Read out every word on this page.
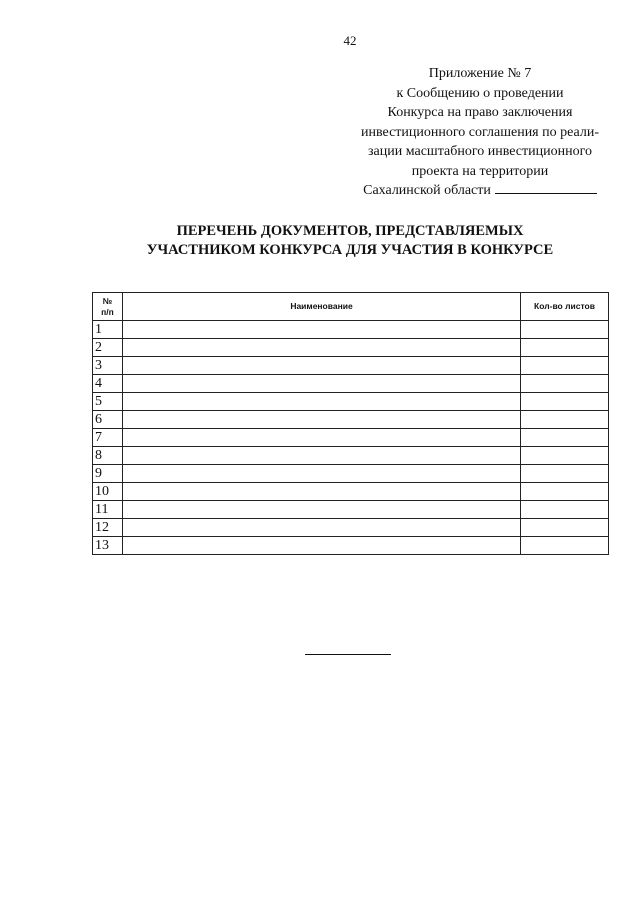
42
Приложение № 7
к Сообщению о проведении
Конкурса на право заключения
инвестиционного соглашения по реали-
зации масштабного инвестиционного
проекта на территории
Сахалинской области
ПЕРЕЧЕНЬ ДОКУМЕНТОВ, ПРЕДСТАВЛЯЕМЫХ
УЧАСТНИКОМ КОНКУРСА ДЛЯ УЧАСТИЯ В КОНКУРСЕ
№
п/п	Наименование	Кол-во листов
1		
2		
3		
4		
5		
6		
7		
8		
9		
10		
11		
12		
13		
